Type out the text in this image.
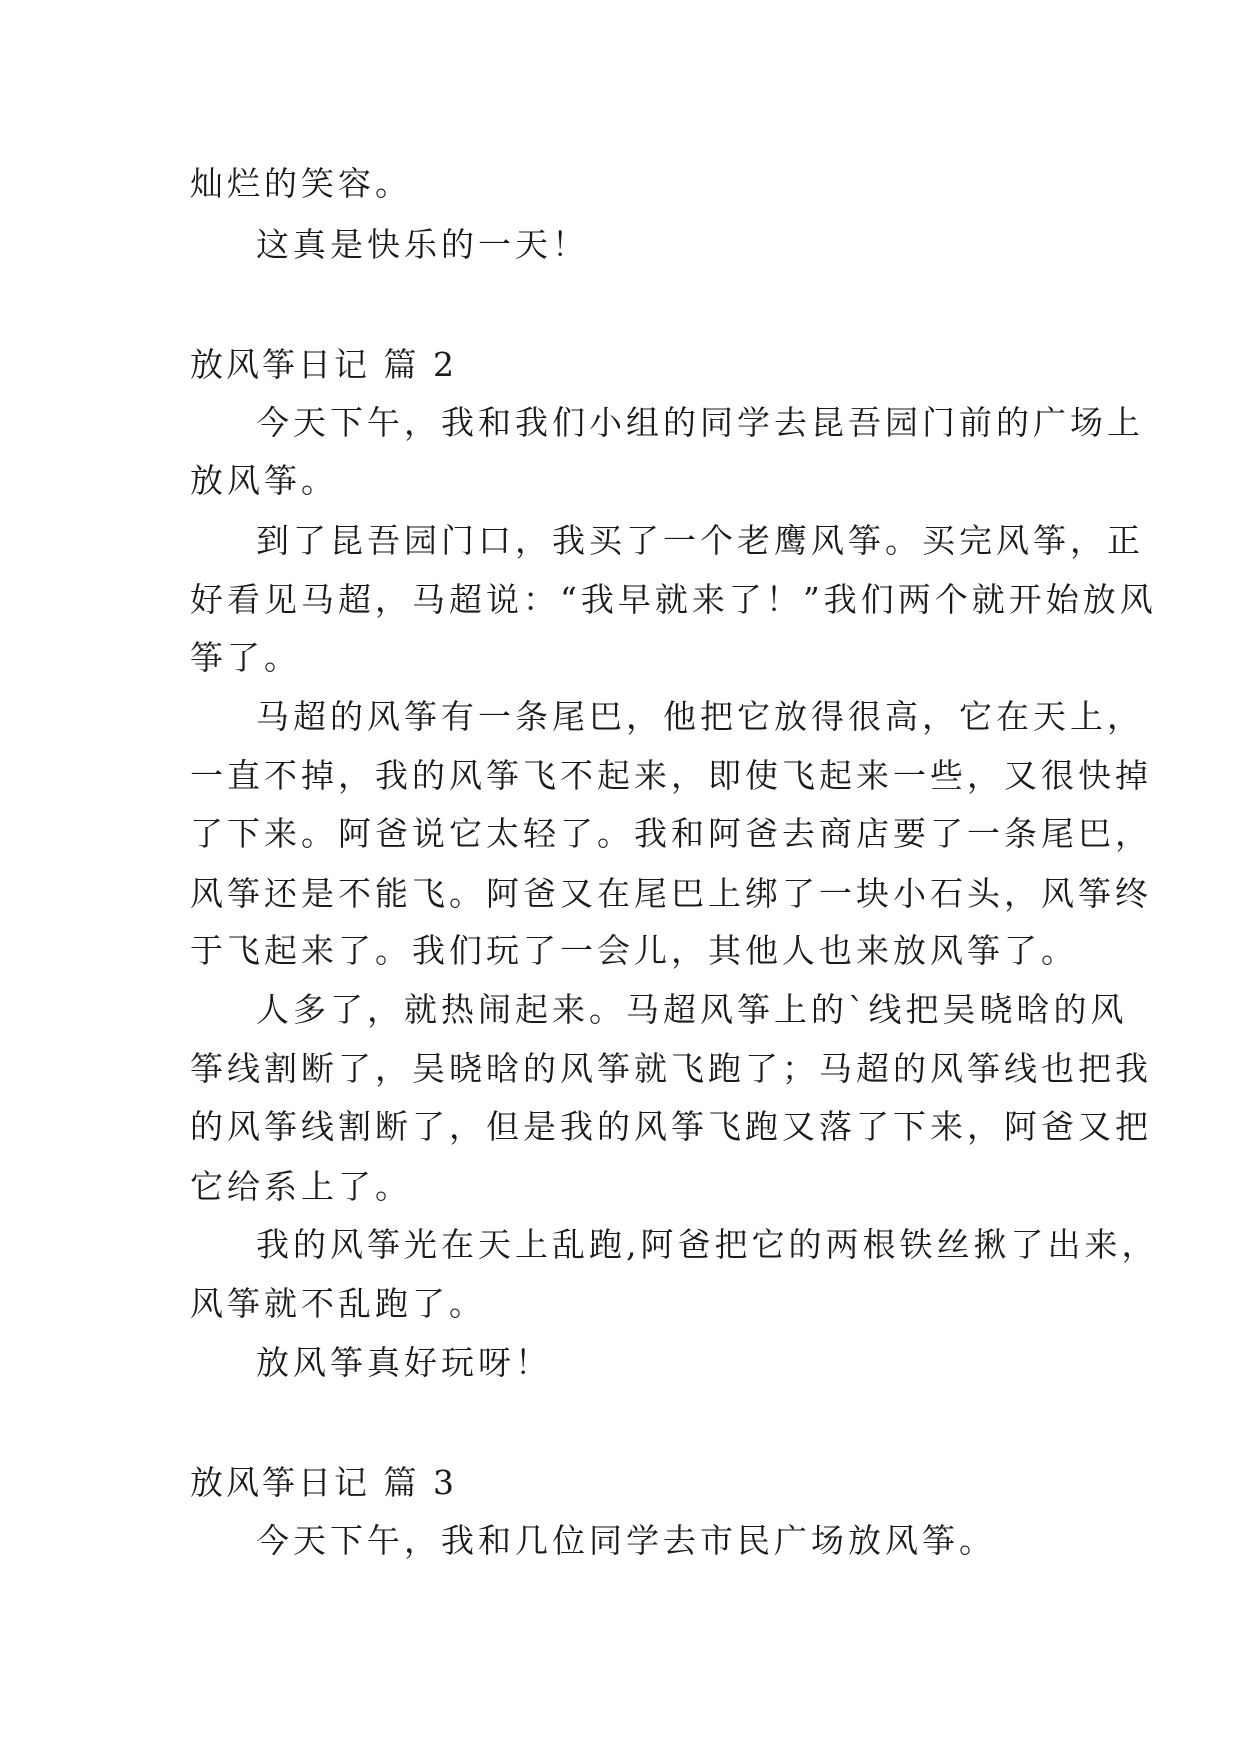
灿烂的笑容。
这真是快乐的一天！
放风筝日记 篇 2
今天下午，我和我们小组的同学去昆吾园门前的广场上
放风筝。
到了昆吾园门口，我买了一个老鹰风筝。买完风筝，正
好看见马超，马超说：“我早就来了！”我们两个就开始放风
筝了。
马超的风筝有一条尾巴，他把它放得很高，它在天上，
一直不掉，我的风筝飞不起来，即使飞起来一些，又很快掉
了下来。阿爸说它太轻了。我和阿爸去商店要了一条尾巴，
风筝还是不能飞。阿爸又在尾巴上绑了一块小石头，风筝终
于飞起来了。我们玩了一会儿，其他人也来放风筝了。
人多了，就热闹起来。马超风筝上的`线把吴晓晗的风
筝线割断了，吴晓晗的风筝就飞跑了；马超的风筝线也把我
的风筝线割断了，但是我的风筝飞跑又落了下来，阿爸又把
它给系上了。
我的风筝光在天上乱跑,阿爸把它的两根铁丝揪了出来，
风筝就不乱跑了。
放风筝真好玩呀！
放风筝日记 篇 3
今天下午，我和几位同学去市民广场放风筝。
